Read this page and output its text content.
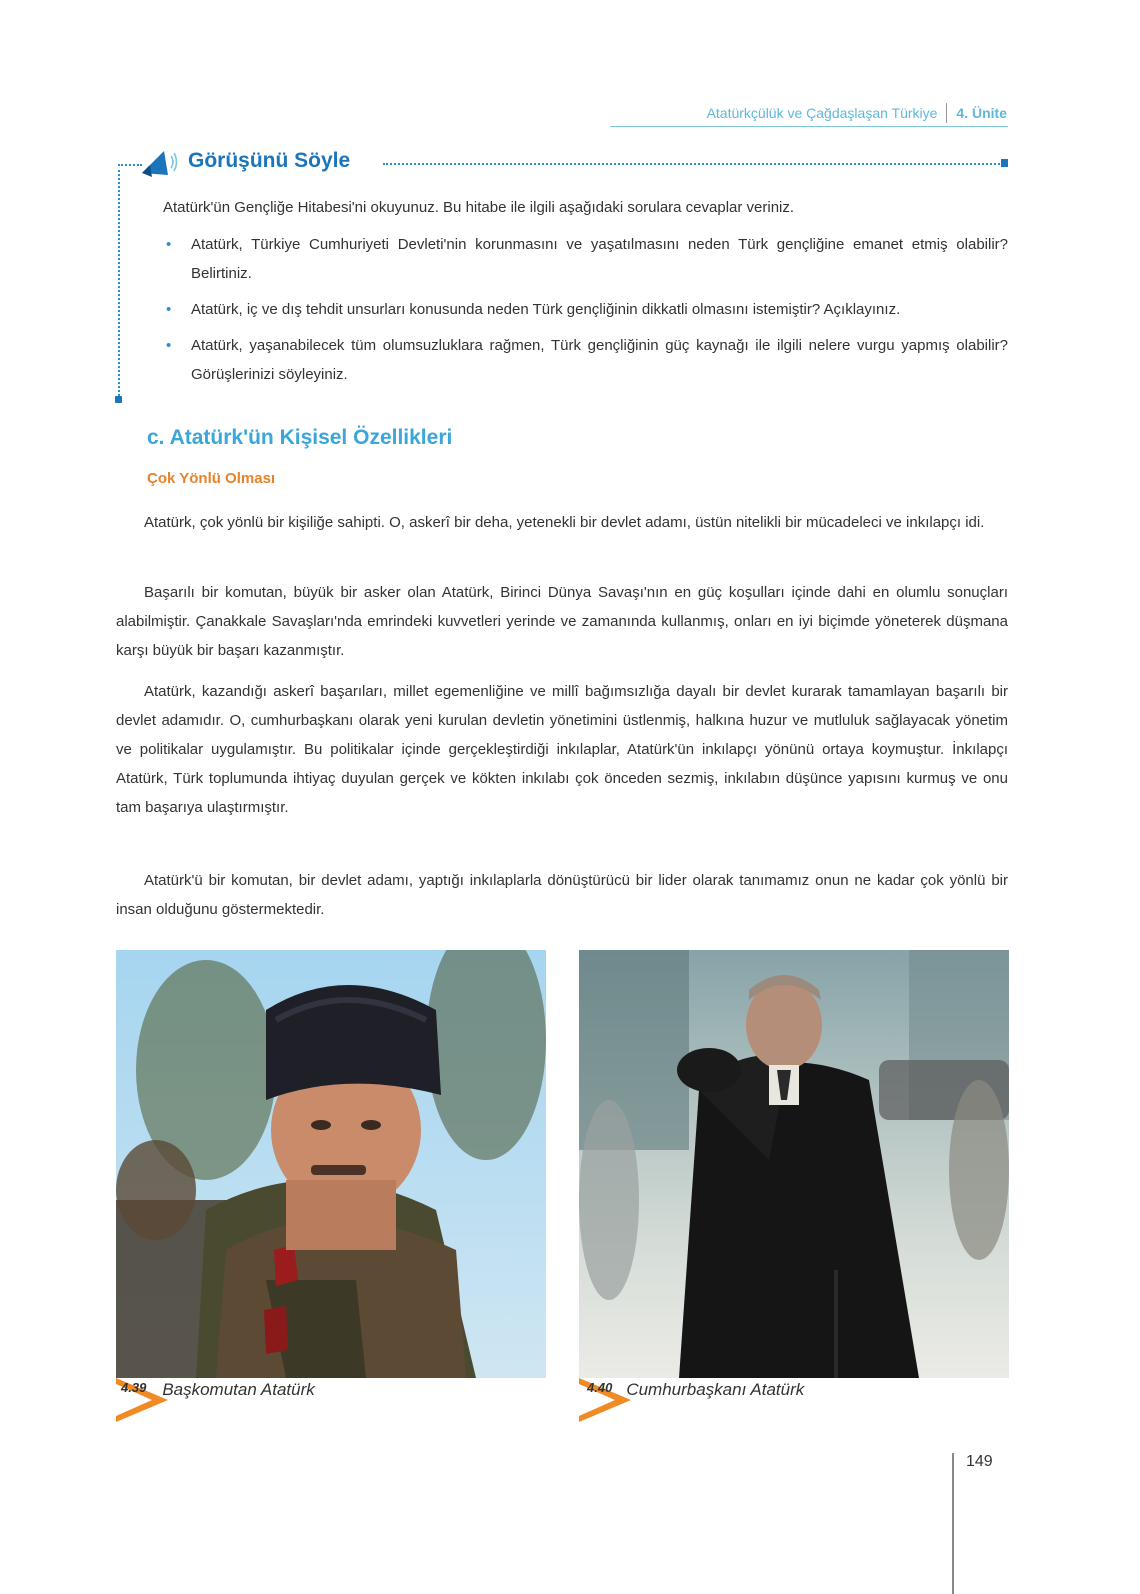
Atatürkçülük ve Çağdaşlaşan Türkiye 4. Ünite
Görüşünü Söyle
Atatürk'ün Gençliğe Hitabesi'ni okuyunuz. Bu hitabe ile ilgili aşağıdaki sorulara cevaplar veriniz.
• Atatürk, Türkiye Cumhuriyeti Devleti'nin korunmasını ve yaşatılmasını neden Türk gençliğine emanet etmiş olabilir? Belirtiniz.
• Atatürk, iç ve dış tehdit unsurları konusunda neden Türk gençliğinin dikkatli olmasını istemiştir? Açıklayınız.
• Atatürk, yaşanabilecek tüm olumsuzluklara rağmen, Türk gençliğinin güç kaynağı ile ilgili nelere vurgu yapmış olabilir? Görüşlerinizi söyleyiniz.
c. Atatürk'ün Kişisel Özellikleri
Çok Yönlü Olması

Atatürk, çok yönlü bir kişiliğe sahipti. O, askerî bir deha, yetenekli bir devlet adamı, üstün nitelikli bir mücadeleci ve inkılapçı idi.

Başarılı bir komutan, büyük bir asker olan Atatürk, Birinci Dünya Savaşı'nın en güç koşulları içinde dahi en olumlu sonuçları alabilmiştir. Çanakkale Savaşları'nda emrindeki kuvvetleri yerinde ve zamanında kullanmış, onları en iyi biçimde yöneterek düşmana karşı büyük bir başarı kazanmıştır.

Atatürk, kazandığı askerî başarıları, millet egemenliğine ve millî bağımsızlığa dayalı bir devlet kurarak tamamlayan başarılı bir devlet adamıdır. O, cumhurbaşkanı olarak yeni kurulan devletin yönetimini üstlenmiş, halkına huzur ve mutluluk sağlayacak yönetim ve politikalar uygulamıştır. Bu politikalar içinde gerçekleştirdiği inkılaplar, Atatürk'ün inkılapçı yönünü ortaya koymuştur. İnkılapçı Atatürk, Türk toplumunda ihtiyaç duyulan gerçek ve kökten inkılabı çok önceden sezmiş, inkılabın düşünce yapısını kurmuş ve onu tam başarıya ulaştırmıştır.

Atatürk'ü bir komutan, bir devlet adamı, yaptığı inkılaplarla dönüştürücü bir lider olarak tanımamız onun ne kadar çok yönlü bir insan olduğunu göstermektedir.

4.39 Başkomutan Atatürk	4.40 Cumhurbaşkanı Atatürk
149
